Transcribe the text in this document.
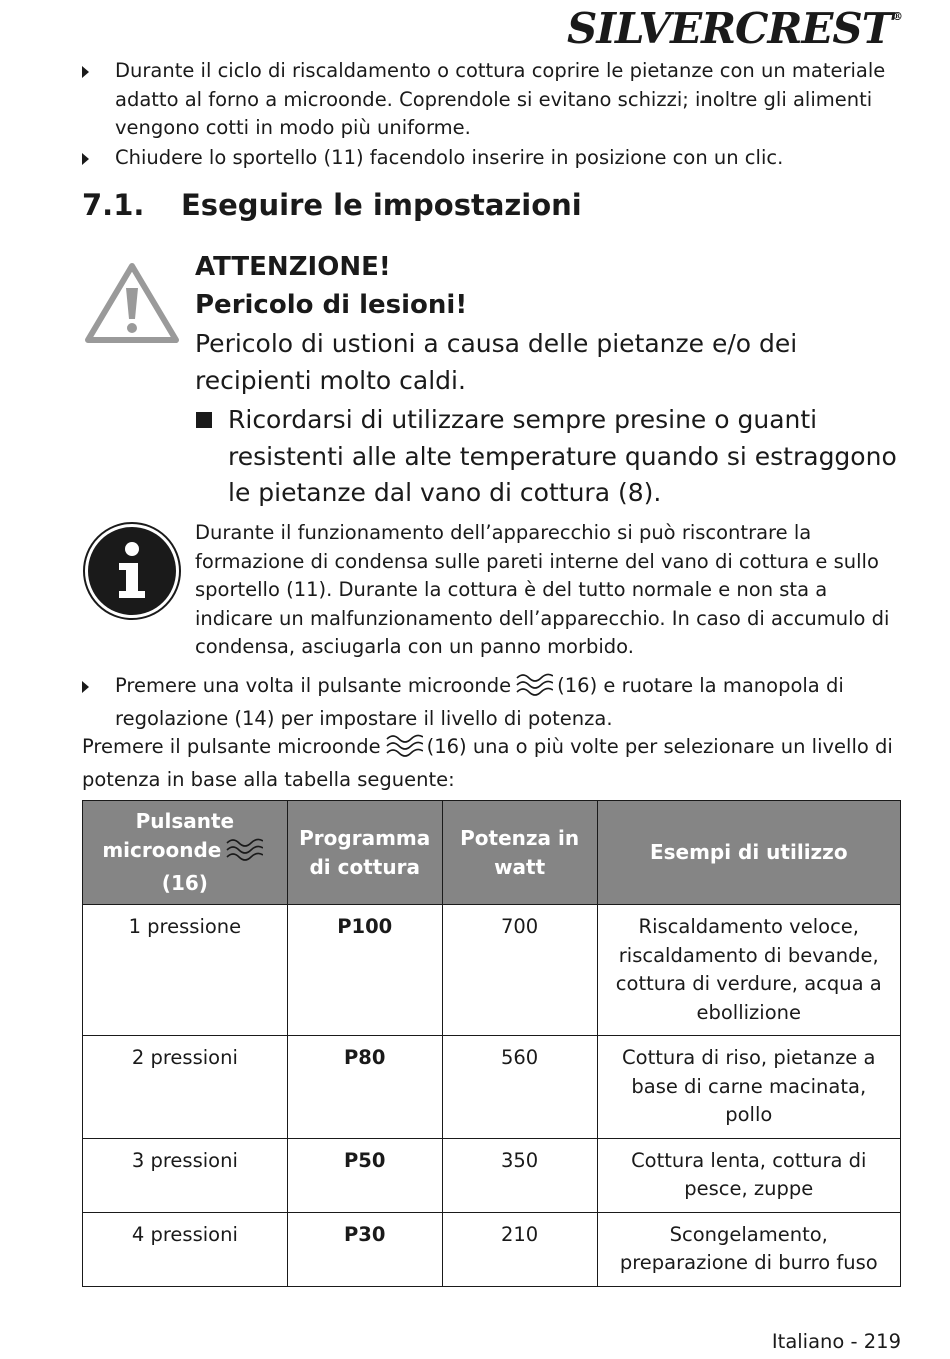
SILVERCREST®
Durante il ciclo di riscaldamento o cottura coprire le pietanze con un materiale adatto al forno a microonde. Coprendole si evitano schizzi; inoltre gli alimenti vengono cotti in modo più uniforme.
Chiudere lo sportello (11) facendolo inserire in posizione con un clic.
7.1. Eseguire le impostazioni
ATTENZIONE!
Pericolo di lesioni!
Pericolo di ustioni a causa delle pietanze e/o dei recipienti molto caldi.
Ricordarsi di utilizzare sempre presine o guanti resistenti alle alte temperature quando si estraggono le pietanze dal vano di cottura (8).
Durante il funzionamento dell’apparecchio si può riscontrare la formazione di condensa sulle pareti interne del vano di cottura e sullo sportello (11). Durante la cottura è del tutto normale e non sta a indicare un malfunzionamento dell’apparecchio. In caso di accumulo di condensa, asciugarla con un panno morbido.
Premere una volta il pulsante microonde (16) e ruotare la manopola di regolazione (14) per impostare il livello di potenza.
Premere il pulsante microonde (16) una o più volte per selezionare un livello di potenza in base alla tabella seguente:
Pulsante
microonde
(16)	Programma di cottura	Potenza in watt	Esempi di utilizzo
1 pressione	P100	700	Riscaldamento veloce, riscaldamento di bevande, cottura di verdure, acqua a ebollizione
2 pressioni	P80	560	Cottura di riso, pietanze a base di carne macinata, pollo
3 pressioni	P50	350	Cottura lenta, cottura di pesce, zuppe
4 pressioni	P30	210	Scongelamento, preparazione di burro fuso
Italiano - 219
